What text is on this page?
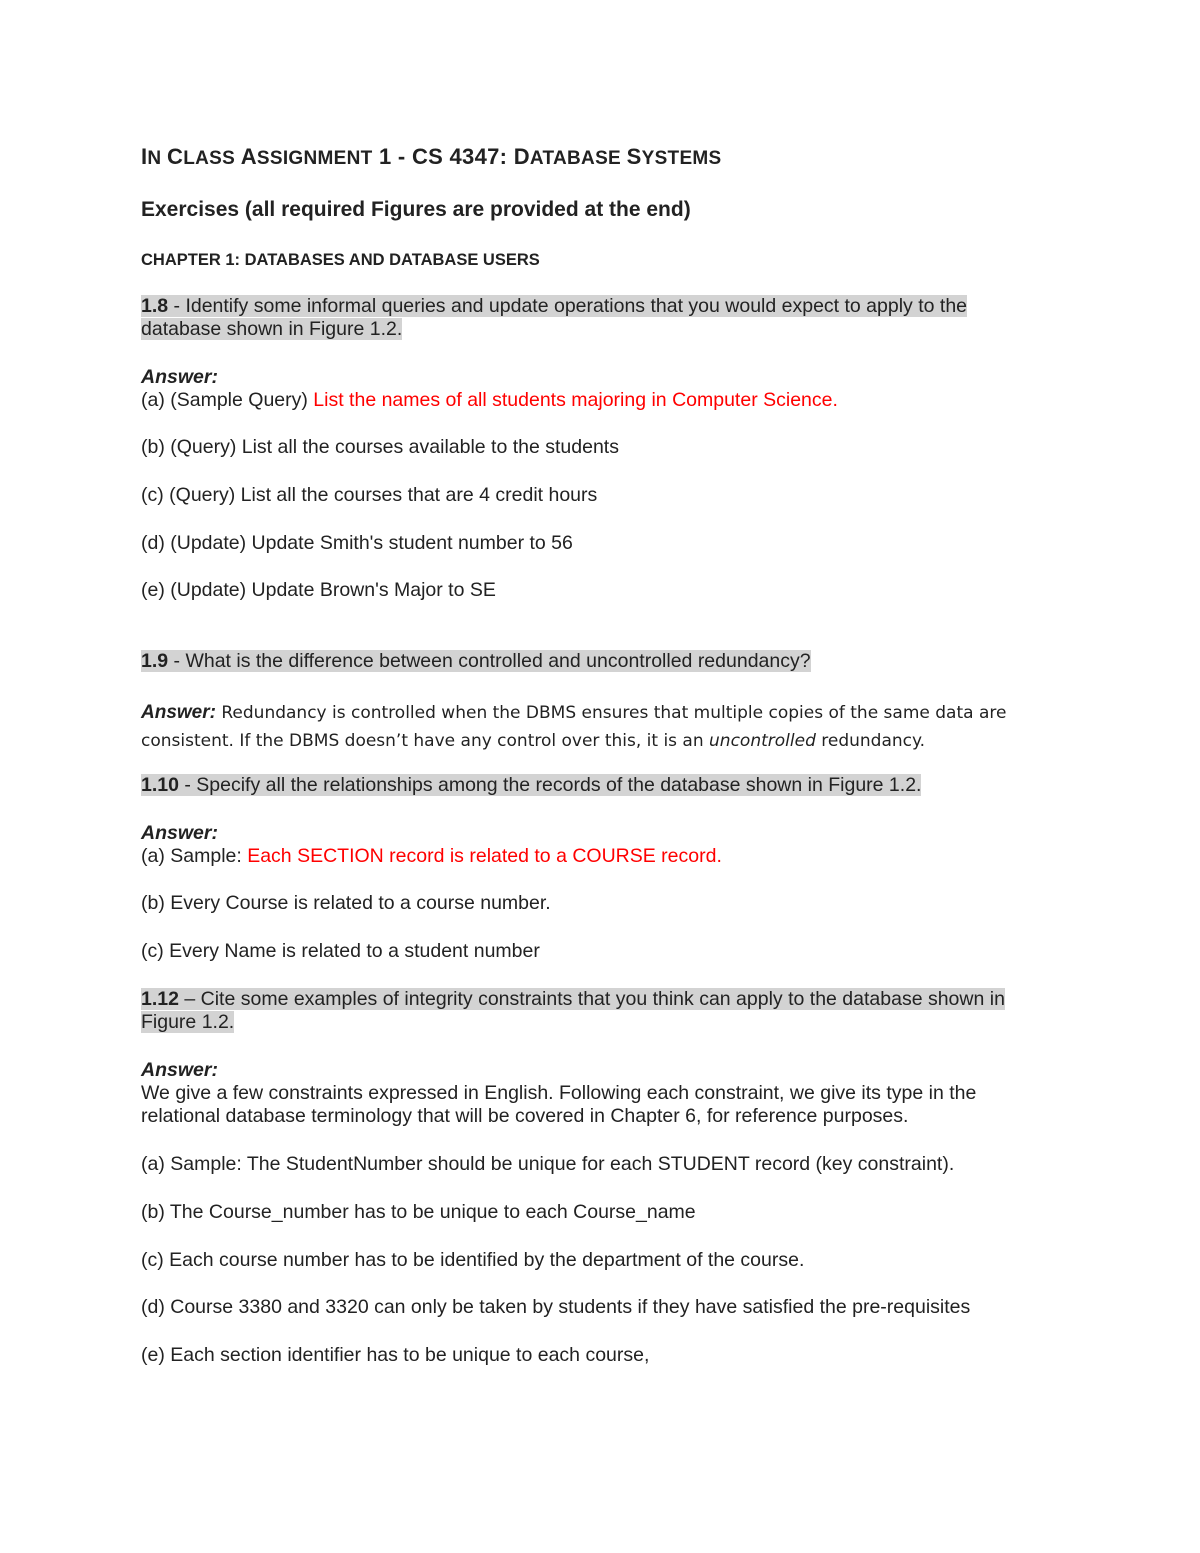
IN CLASS ASSIGNMENT 1 - CS 4347: DATABASE SYSTEMS
Exercises (all required Figures are provided at the end)
CHAPTER 1: DATABASES AND DATABASE USERS
1.8 - Identify some informal queries and update operations that you would expect to apply to the
database shown in Figure 1.2.
Answer:
(a) (Sample Query) List the names of all students majoring in Computer Science.
(b) (Query) List all the courses available to the students
(c) (Query) List all the courses that are 4 credit hours
(d) (Update) Update Smith's student number to 56
(e) (Update) Update Brown's Major to SE
1.9 - What is the difference between controlled and uncontrolled redundancy?
Answer: Redundancy is controlled when the DBMS ensures that multiple copies of the same data are
consistent. If the DBMS doesn’t have any control over this, it is an uncontrolled redundancy.
1.10 - Specify all the relationships among the records of the database shown in Figure 1.2.
Answer:
(a) Sample: Each SECTION record is related to a COURSE record.
(b) Every Course is related to a course number.
(c) Every Name is related to a student number
1.12 – Cite some examples of integrity constraints that you think can apply to the database shown in
Figure 1.2.
Answer:
We give a few constraints expressed in English. Following each constraint, we give its type in the
relational database terminology that will be covered in Chapter 6, for reference purposes.
(a) Sample: The StudentNumber should be unique for each STUDENT record (key constraint).
(b) The Course_number has to be unique to each Course_name
(c) Each course number has to be identified by the department of the course.
(d) Course 3380 and 3320 can only be taken by students if they have satisfied the pre-requisites
(e) Each section identifier has to be unique to each course,
